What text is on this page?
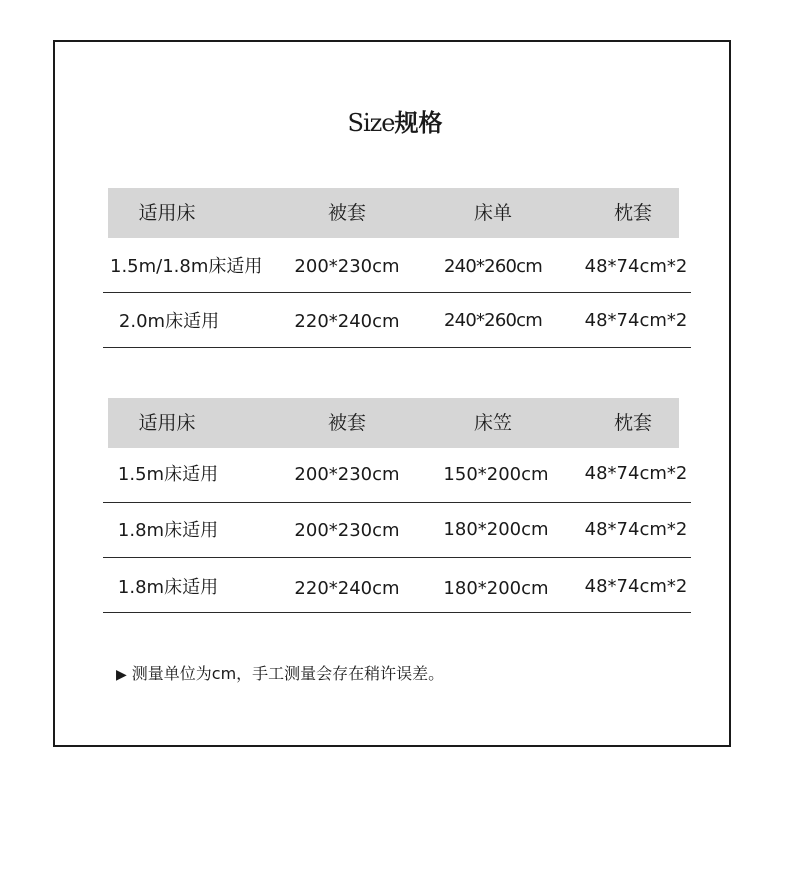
Size规格
适用床	被套	床单	枕套
1.5m/1.8m床适用	200*230cm	240*260cm	48*74cm*2
2.0m床适用	220*240cm	240*260cm	48*74cm*2
适用床	被套	床笠	枕套
1.5m床适用	200*230cm	150*200cm	48*74cm*2
1.8m床适用	200*230cm	180*200cm	48*74cm*2
1.8m床适用	220*240cm	180*200cm	48*74cm*2
▶ 测量单位为cm，手工测量会存在稍许误差。
